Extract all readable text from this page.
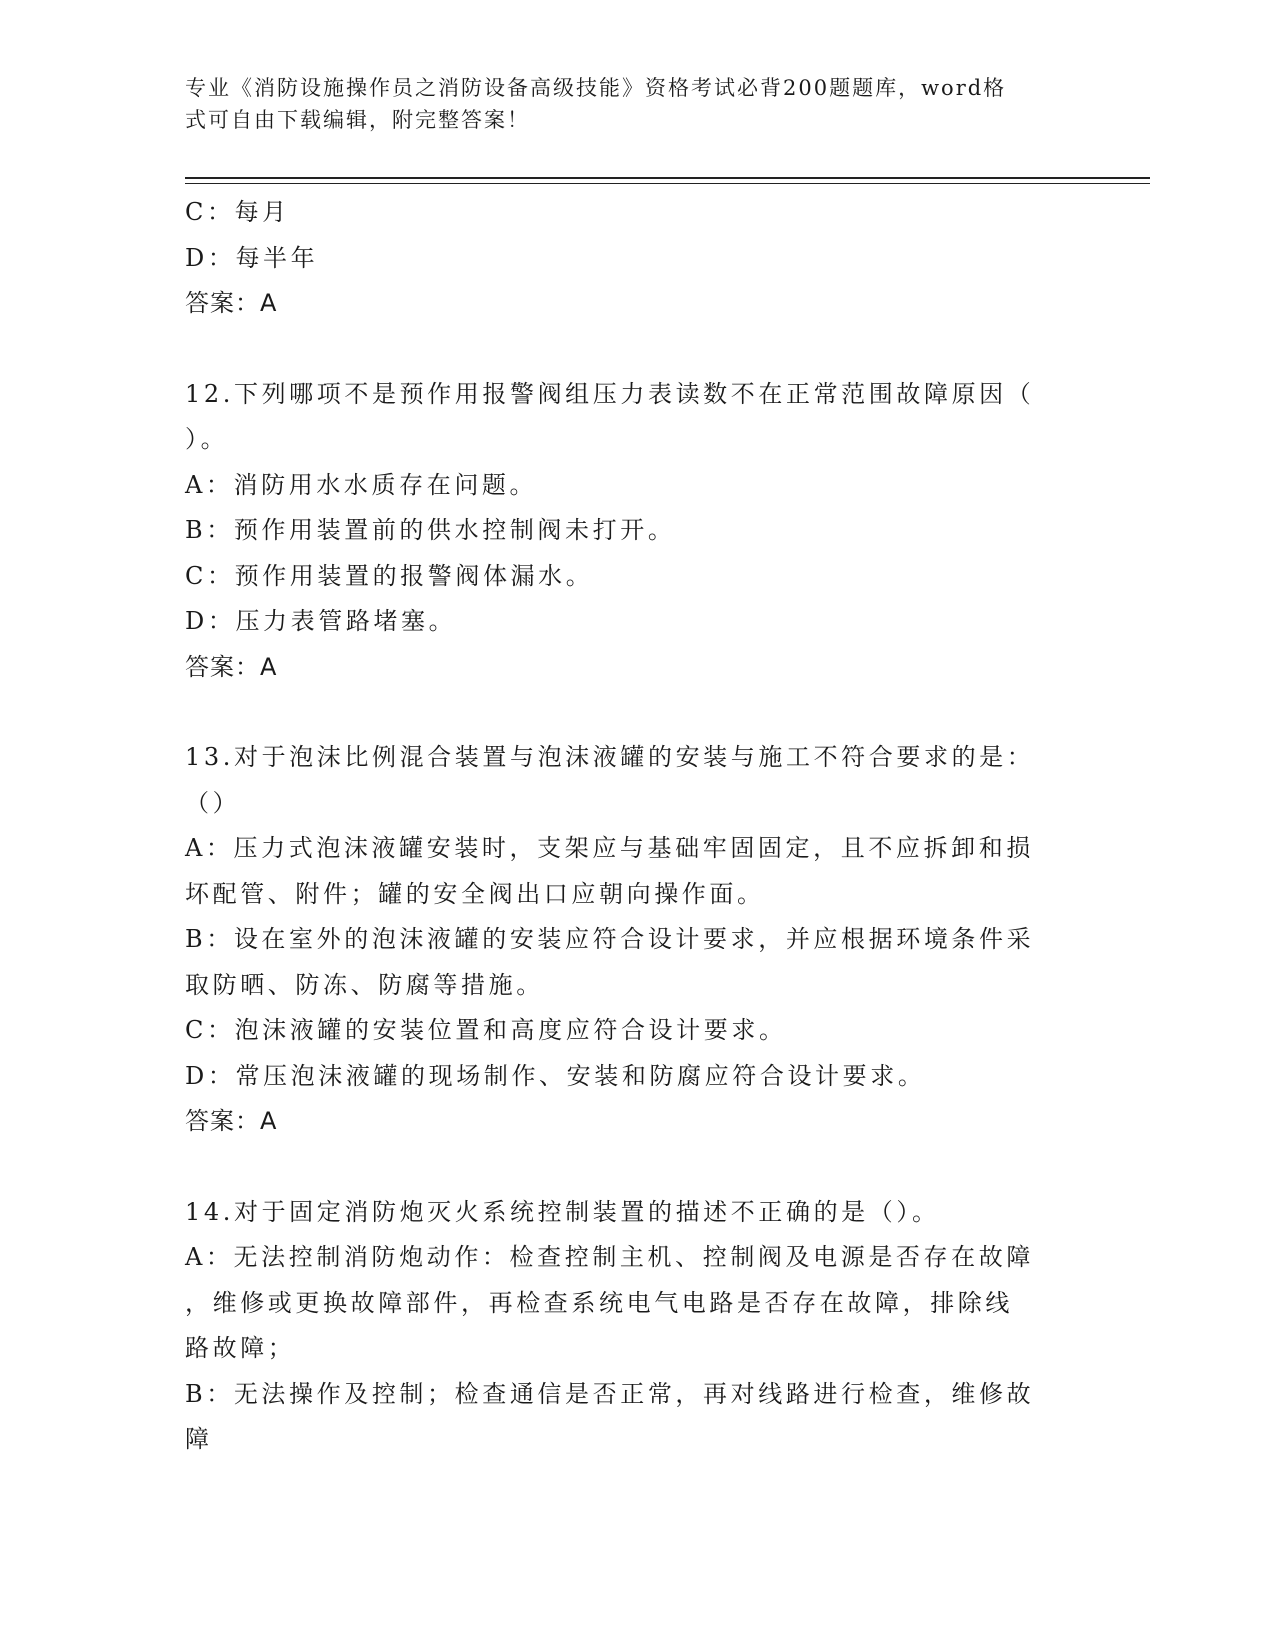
专业《消防设施操作员之消防设备高级技能》资格考试必背200题题库，word格
式可自由下载编辑，附完整答案！
C：每月
D：每半年
答案：A
12.下列哪项不是预作用报警阀组压力表读数不在正常范围故障原因（
）。
A：消防用水水质存在问题。
B：预作用装置前的供水控制阀未打开。
C：预作用装置的报警阀体漏水。
D：压力表管路堵塞。
答案：A
13.对于泡沫比例混合装置与泡沫液罐的安装与施工不符合要求的是：
（）
A：压力式泡沫液罐安装时，支架应与基础牢固固定，且不应拆卸和损
坏配管、附件；罐的安全阀出口应朝向操作面。
B：设在室外的泡沫液罐的安装应符合设计要求，并应根据环境条件采
取防晒、防冻、防腐等措施。
C：泡沫液罐的安装位置和高度应符合设计要求。
D：常压泡沫液罐的现场制作、安装和防腐应符合设计要求。
答案：A
14.对于固定消防炮灭火系统控制装置的描述不正确的是（）。
A：无法控制消防炮动作：检查控制主机、控制阀及电源是否存在故障
，维修或更换故障部件，再检查系统电气电路是否存在故障，排除线
路故障；
B：无法操作及控制；检查通信是否正常，再对线路进行检查，维修故
障
